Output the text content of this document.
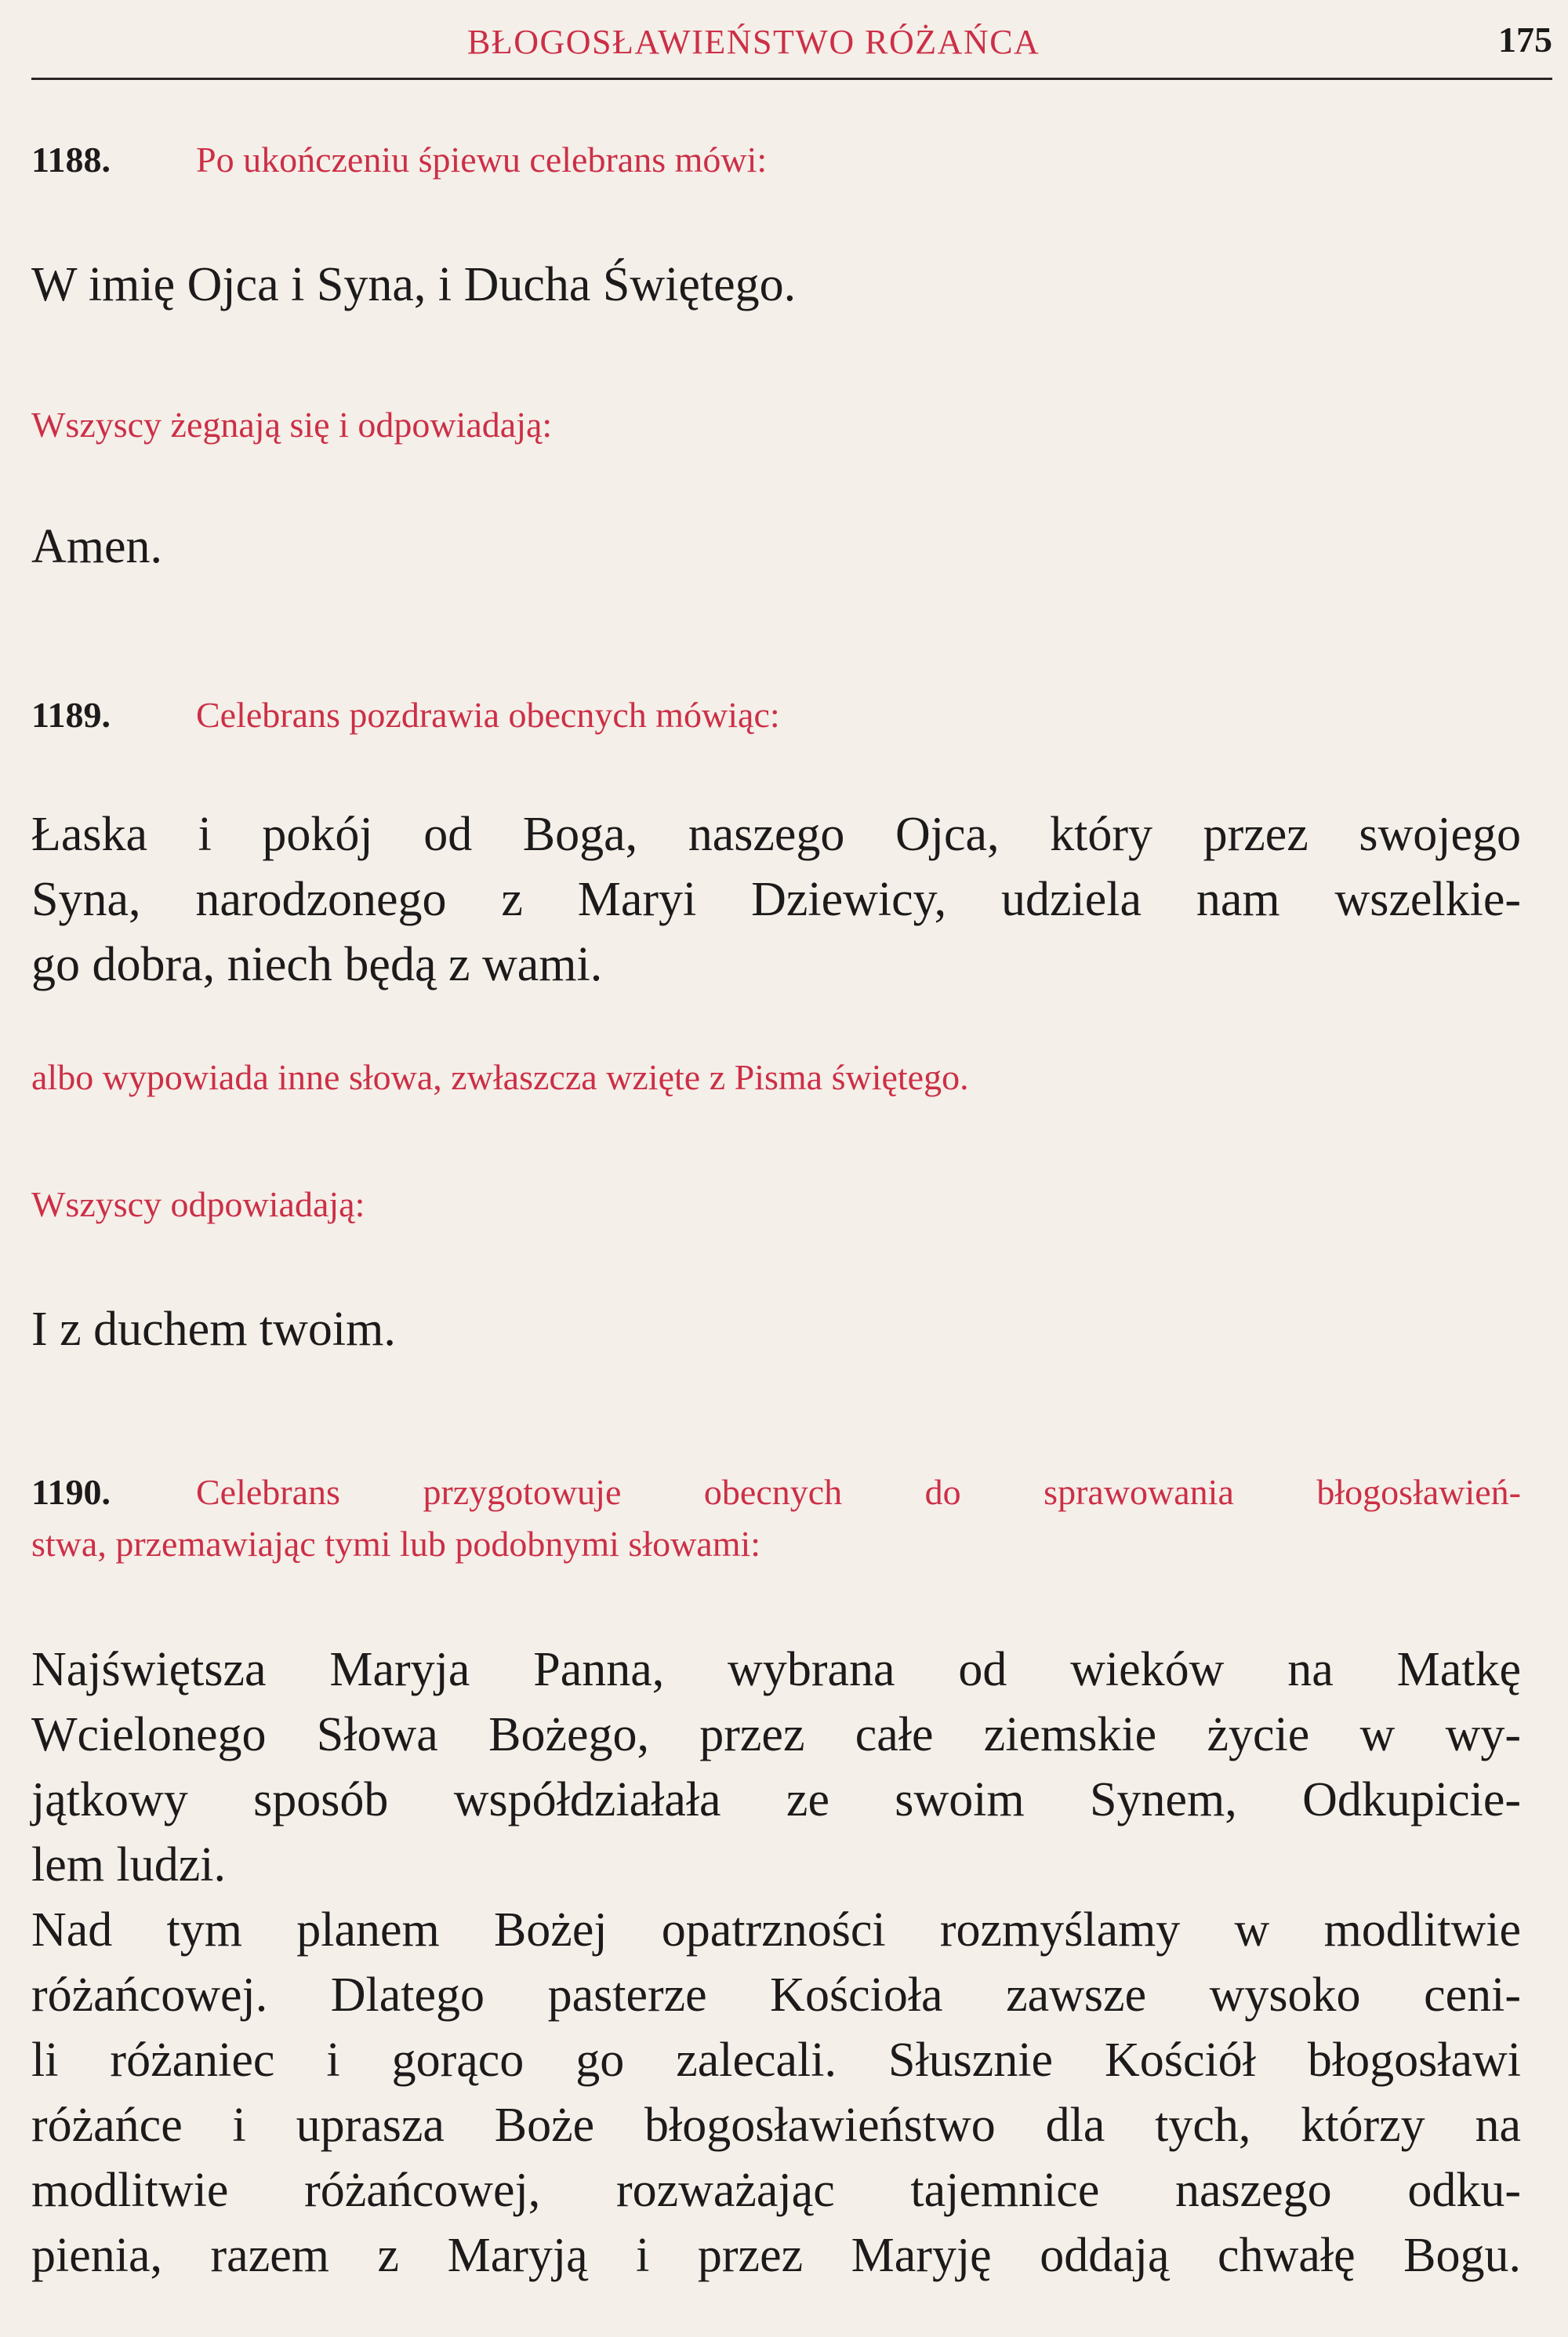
BŁOGOSŁAWIEŃSTWO RÓŻAŃCA	175
1188. Po ukończeniu śpiewu celebrans mówi:
W imię Ojca i Syna, i Ducha Świętego.
Wszyscy żegnają się i odpowiadają:
Amen.
1189. Celebrans pozdrawia obecnych mówiąc:
Łaska i pokój od Boga, naszego Ojca, który przez swojego
Syna, narodzonego z Maryi Dziewicy, udziela nam wszelkie-
go dobra, niech będą z wami.
albo wypowiada inne słowa, zwłaszcza wzięte z Pisma świętego.
Wszyscy odpowiadają:
I z duchem twoim.
1190. Celebrans przygotowuje obecnych do sprawowania błogosławień-
stwa, przemawiając tymi lub podobnymi słowami:
Najświętsza Maryja Panna, wybrana od wieków na Matkę
Wcielonego Słowa Bożego, przez całe ziemskie życie w wy-
jątkowy sposób współdziałała ze swoim Synem, Odkupicie-
lem ludzi.
Nad tym planem Bożej opatrzności rozmyślamy w modlitwie
różańcowej. Dlatego pasterze Kościoła zawsze wysoko ceni-
li różaniec i gorąco go zalecali. Słusznie Kościół błogosławi
różańce i uprasza Boże błogosławieństwo dla tych, którzy na
modlitwie różańcowej, rozważając tajemnice naszego odku-
pienia, razem z Maryją i przez Maryję oddają chwałę Bogu.
